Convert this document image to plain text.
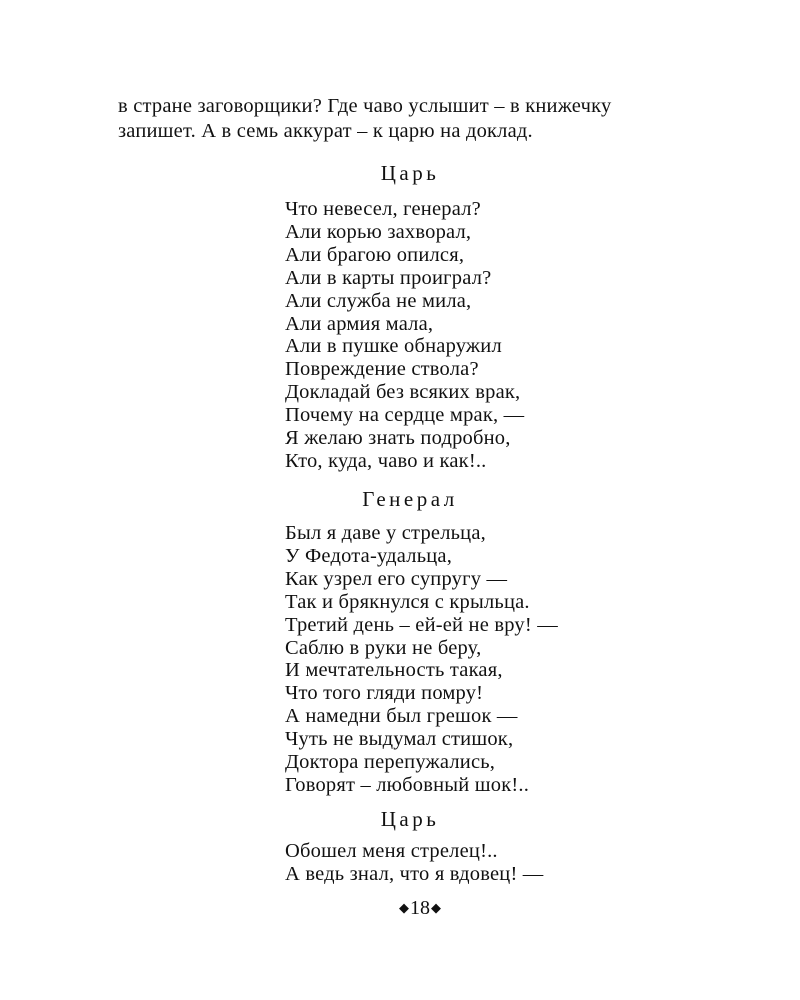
в стране заговорщики? Где чаво услышит – в книжечку
запишет. А в семь аккурат – к царю на доклад.
Царь
Что невесел, генерал?
Али корью захворал,
Али брагою опился,
Али в карты проиграл?
Али служба не мила,
Али армия мала,
Али в пушке обнаружил
Повреждение ствола?
Докладай без всяких врак,
Почему на сердце мрак, —
Я желаю знать подробно,
Кто, куда, чаво и как!..
Генерал
Был я даве у стрельца,
У Федота-удальца,
Как узрел его супругу —
Так и брякнулся с крыльца.
Третий день – ей-ей не вру! —
Саблю в руки не беру,
И мечтательность такая,
Что того гляди помру!
А намедни был грешок —
Чуть не выдумал стишок,
Доктора перепужались,
Говорят – любовный шок!..
Царь
Обошел меня стрелец!..
А ведь знал, что я вдовец! —
◆ 18 ◆
